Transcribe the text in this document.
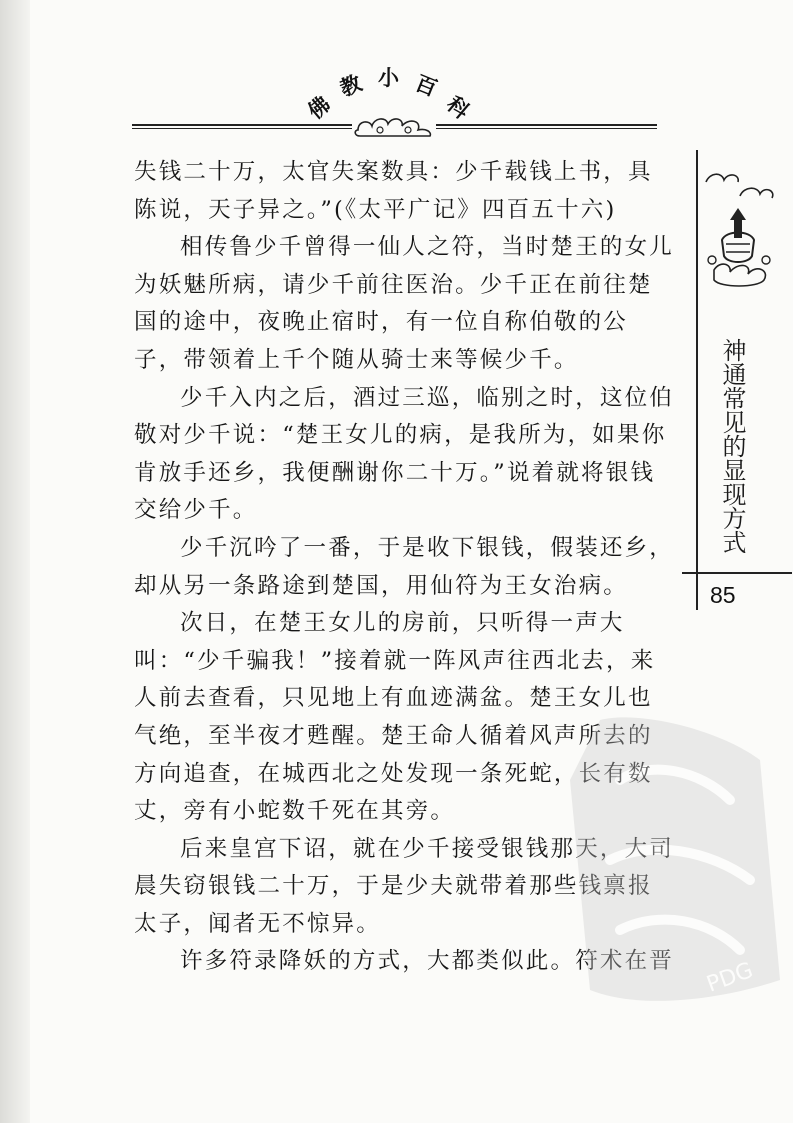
佛
教 小 百
科

失钱二十万，太官失案数具：少千载钱上书，具陈说，天子异之。”(《太平广记》四百五十六)

相传鲁少千曾得一仙人之符，当时楚王的女儿为妖魅所病，请少千前往医治。少千正在前往楚国的途中，夜晚止宿时，有一位自称伯敬的公子，带领着上千个随从骑士来等候少千。

少千入内之后，酒过三巡，临别之时，这位伯敬对少千说：“楚王女儿的病，是我所为，如果你肯放手还乡，我便酬谢你二十万。”说着就将银钱交给少千。

少千沉吟了一番，于是收下银钱，假装还乡，却从另一条路途到楚国，用仙符为王女治病。

次日，在楚王女儿的房前，只听得一声大叫：“少千骗我！”接着就一阵风声往西北去，来人前去查看，只见地上有血迹满盆。楚王女儿也气绝，至半夜才甦醒。楚王命人循着风声所去的方向追查，在城西北之处发现一条死蛇，长有数丈，旁有小蛇数千死在其旁。

后来皇宫下诏，就在少千接受银钱那天，大司晨失窃银钱二十万，于是少夫就带着那些钱禀报太子，闻者无不惊异。

许多符录降妖的方式，大都类似此。符术在晋

神通常见的显现方式
85
PDG
